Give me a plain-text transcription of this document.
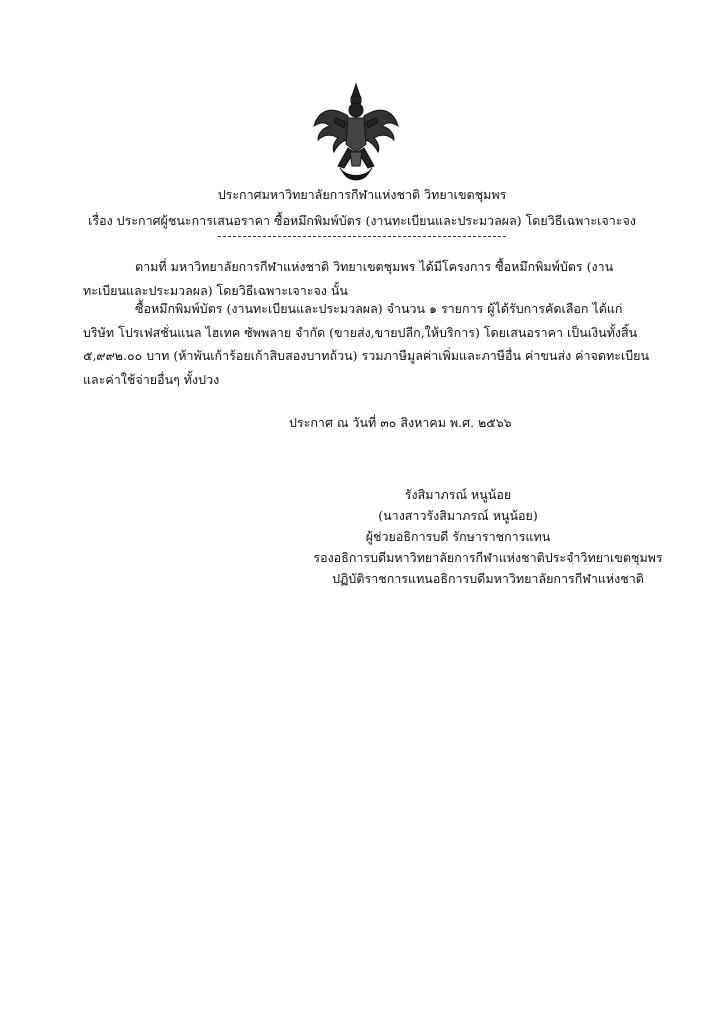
ประกาศมหาวิทยาลัยการกีฬาแห่งชาติ วิทยาเขตชุมพร
เรื่อง ประกาศผู้ชนะการเสนอราคา ซื้อหมึกพิมพ์บัตร (งานทะเบียนและประมวลผล) โดยวิธีเฉพาะเจาะจง
ตามที่ มหาวิทยาลัยการกีฬาแห่งชาติ วิทยาเขตชุมพร ได้มีโครงการ ซื้อหมึกพิมพ์บัตร (งานทะเบียนและประมวลผล) โดยวิธีเฉพาะเจาะจง นั้น
ซื้อหมึกพิมพ์บัตร (งานทะเบียนและประมวลผล) จำนวน ๑ รายการ ผู้ได้รับการคัดเลือก ได้แก่ บริษัท โปรเฟสชั่นแนล ไฮเทค ซัพพลาย จำกัด (ขายส่ง,ขายปลีก,ให้บริการ) โดยเสนอราคา เป็นเงินทั้งสิ้น ๕,๙๙๒.๐๐ บาท (ห้าพันเก้าร้อยเก้าสิบสองบาทถ้วน) รวมภาษีมูลค่าเพิ่มและภาษีอื่น ค่าขนส่ง ค่าจดทะเบียน และค่าใช้จ่ายอื่นๆ ทั้งปวง
ประกาศ ณ วันที่ ๓๐ สิงหาคม พ.ศ. ๒๕๖๖
รังสิมาภรณ์ หนูน้อย
(นางสาวรังสิมาภรณ์ หนูน้อย)
ผู้ช่วยอธิการบดี รักษาราชการแทน
รองอธิการบดีมหาวิทยาลัยการกีฬาแห่งชาติประจำวิทยาเขตชุมพร
ปฏิบัติราชการแทนอธิการบดีมหาวิทยาลัยการกีฬาแห่งชาติ
